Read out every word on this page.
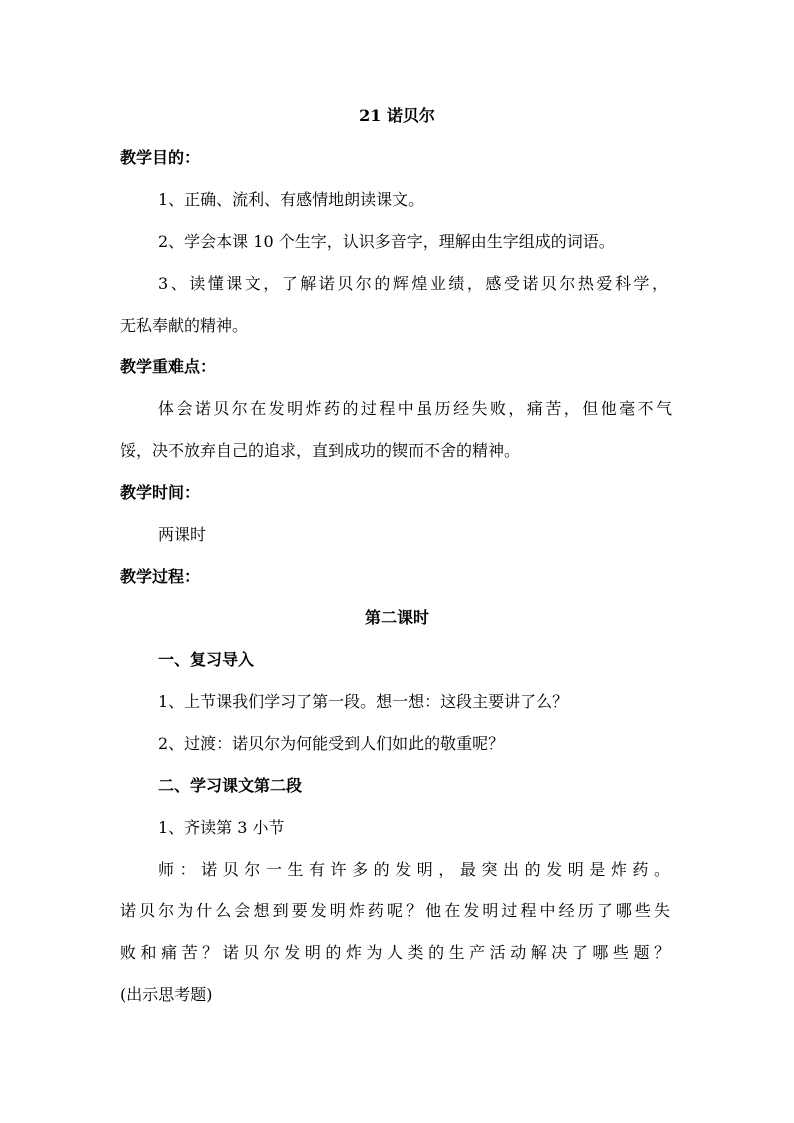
21 诺贝尔
教学目的：
1、正确、流利、有感情地朗读课文。
2、学会本课 10 个生字，认识多音字，理解由生字组成的词语。
3、读懂课文，了解诺贝尔的辉煌业绩，感受诺贝尔热爱科学，
无私奉献的精神。
教学重难点：
体会诺贝尔在发明炸药的过程中虽历经失败，痛苦，但他毫不气
馁，决不放弃自己的追求，直到成功的锲而不舍的精神。
教学时间：
两课时
教学过程：
第二课时
一、复习导入
1、上节课我们学习了第一段。想一想：这段主要讲了么？
2、过渡：诺贝尔为何能受到人们如此的敬重呢？
二、学习课文第二段
1、齐读第 3 小节
师：诺贝尔一生有许多的发明，最突出的发明是炸药。
诺贝尔为什么会想到要发明炸药呢？他在发明过程中经历了哪些失
败和痛苦？诺贝尔发明的炸为人类的生产活动解决了哪些题？
(出示思考题)
